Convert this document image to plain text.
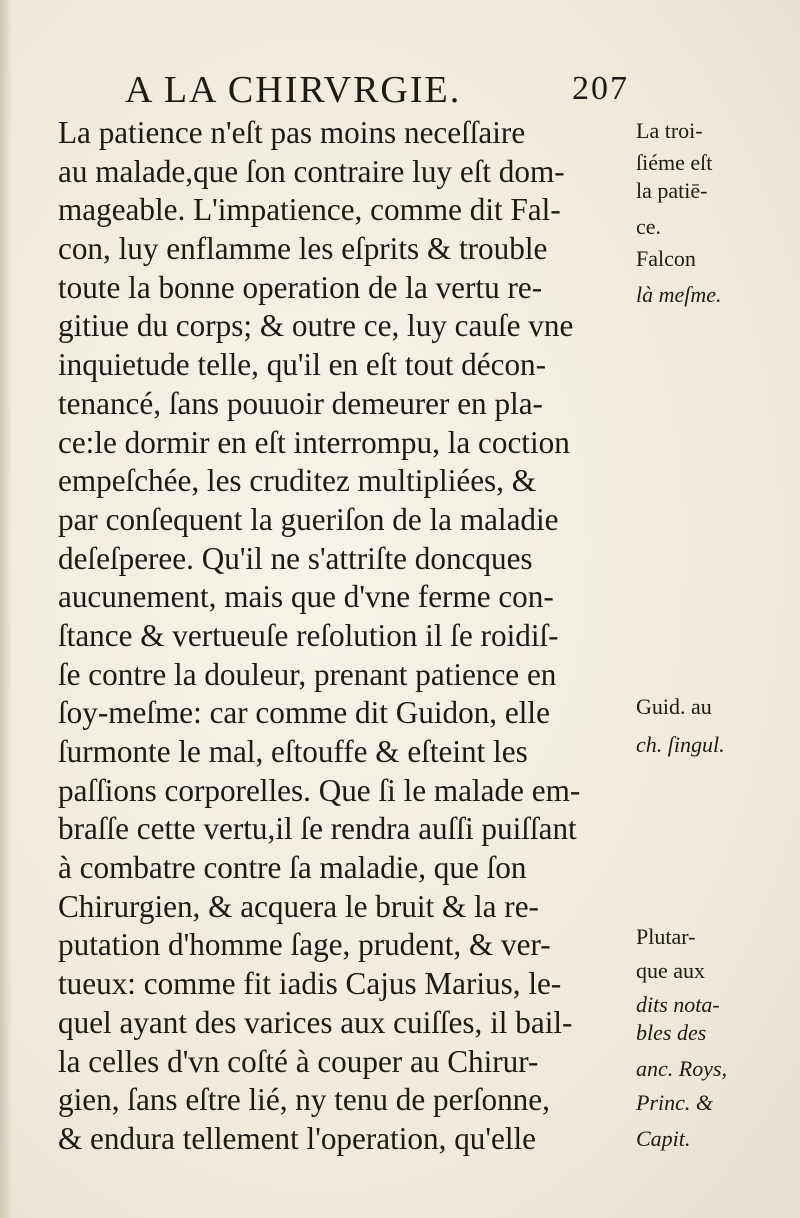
A LA CHIRVRGIE.	207
La patience n'eſt pas moins neceſſaire
au malade,que ſon contraire luy eſt dom-
mageable. L'impatience, comme dit Fal-
con, luy enflamme les eſprits & trouble
toute la bonne operation de la vertu re-
gitiue du corps; & outre ce, luy cauſe vne
inquietude telle, qu'il en eſt tout décon-
tenancé, ſans pouuoir demeurer en pla-
ce:le dormir en eſt interrompu, la coction
empeſchée, les cruditez multipliées, &
par conſequent la gueriſon de la maladie
deſeſperee. Qu'il ne s'attriſte doncques
aucunement, mais que d'vne ferme con-
ſtance & vertueuſe reſolution il ſe roidiſ-
ſe contre la douleur, prenant patience en
ſoy-meſme: car comme dit Guidon, elle
ſurmonte le mal, eſtouffe & eſteint les
paſſions corporelles. Que ſi le malade em-
braſſe cette vertu,il ſe rendra auſſi puiſſant
à combatre contre ſa maladie, que ſon
Chirurgien, & acquera le bruit & la re-
putation d'homme ſage, prudent, & ver-
tueux: comme fit iadis Cajus Marius, le-
quel ayant des varices aux cuiſſes, il bail-
la celles d'vn coſté à couper au Chirur-
gien, ſans eſtre lié, ny tenu de perſonne,
& endura tellement l'operation, qu'elle
La troi-
ſiéme eſt
la patiē-
ce.
Falcon
là meſme.
Guid. au
ch. ſingul.
Plutar-
que aux
dits nota-
bles des
anc. Roys,
Princ. &
Capit.
